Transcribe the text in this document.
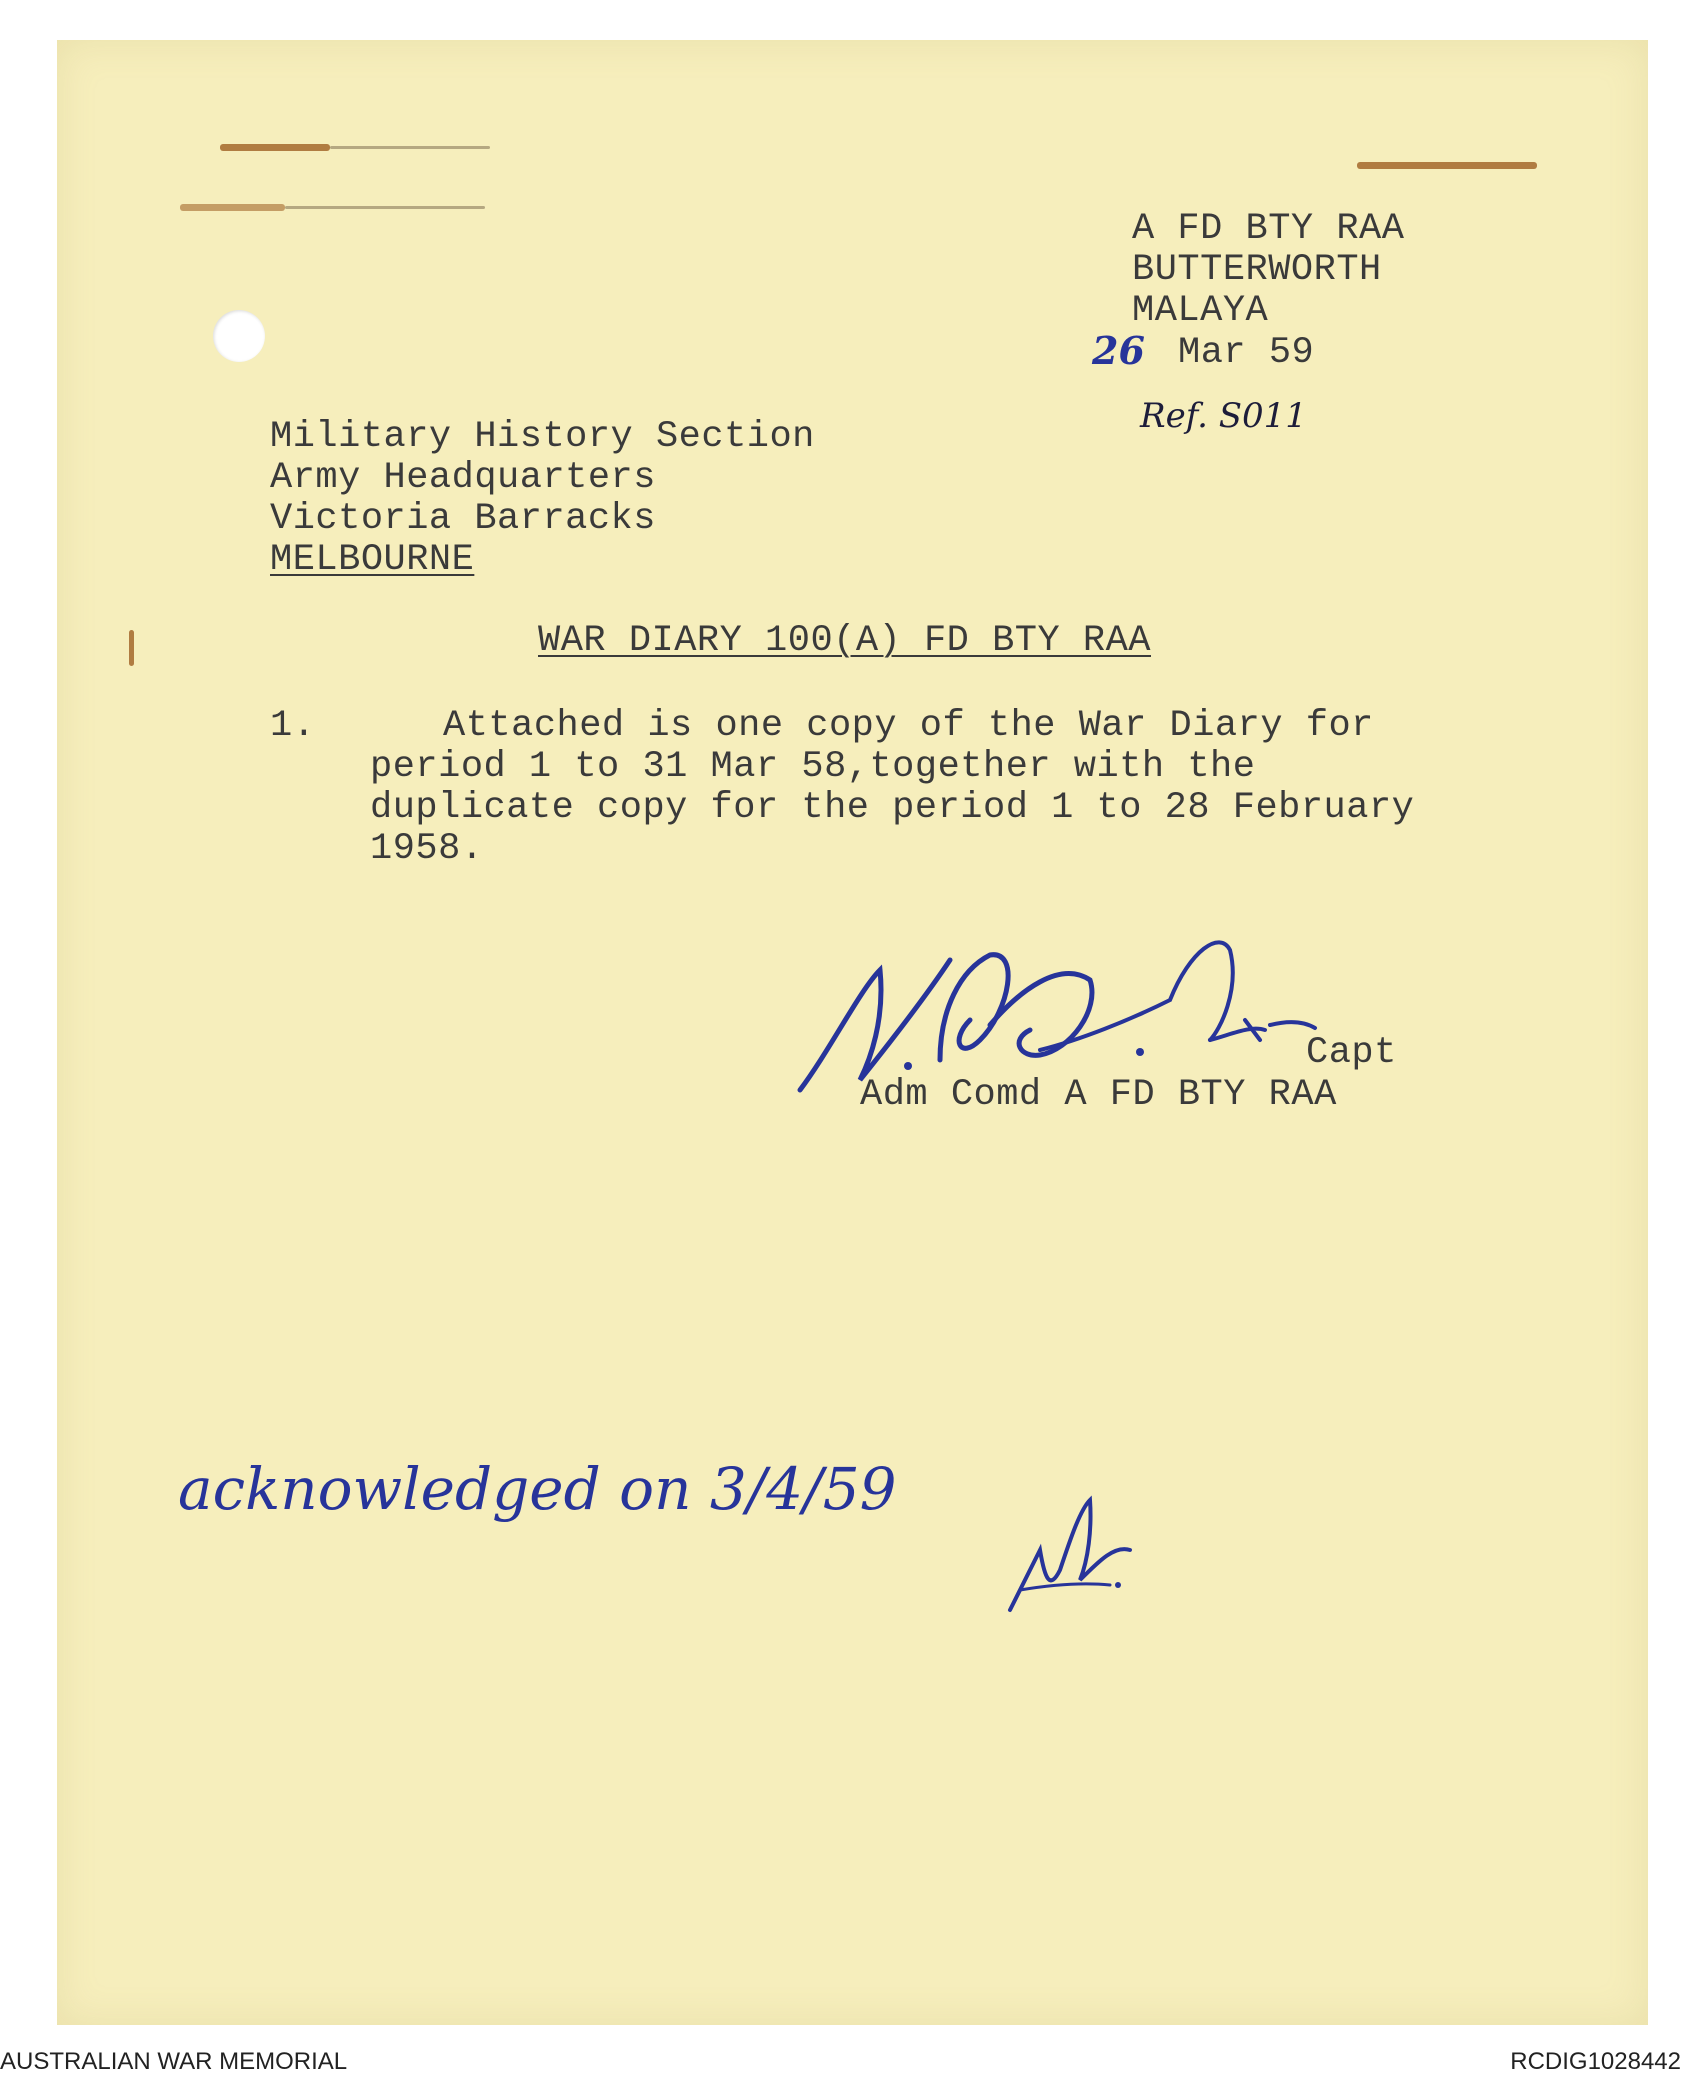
A FD BTY RAA

BUTTERWORTH

MALAYA

26 Mar 59

Ref. S011

Military History Section

Army Headquarters

Victoria Barracks

MELBOURNE

WAR DIARY 100(A) FD BTY RAA

1.	Attached is one copy of the War Diary for

period 1 to 31 Mar 58,together with the

duplicate copy for the period 1 to 28 February

1958.

Capt

Adm Comd A FD BTY RAA

acknowledged on 3/4/59
AUSTRALIAN WAR MEMORIAL	RCDIG1028442
